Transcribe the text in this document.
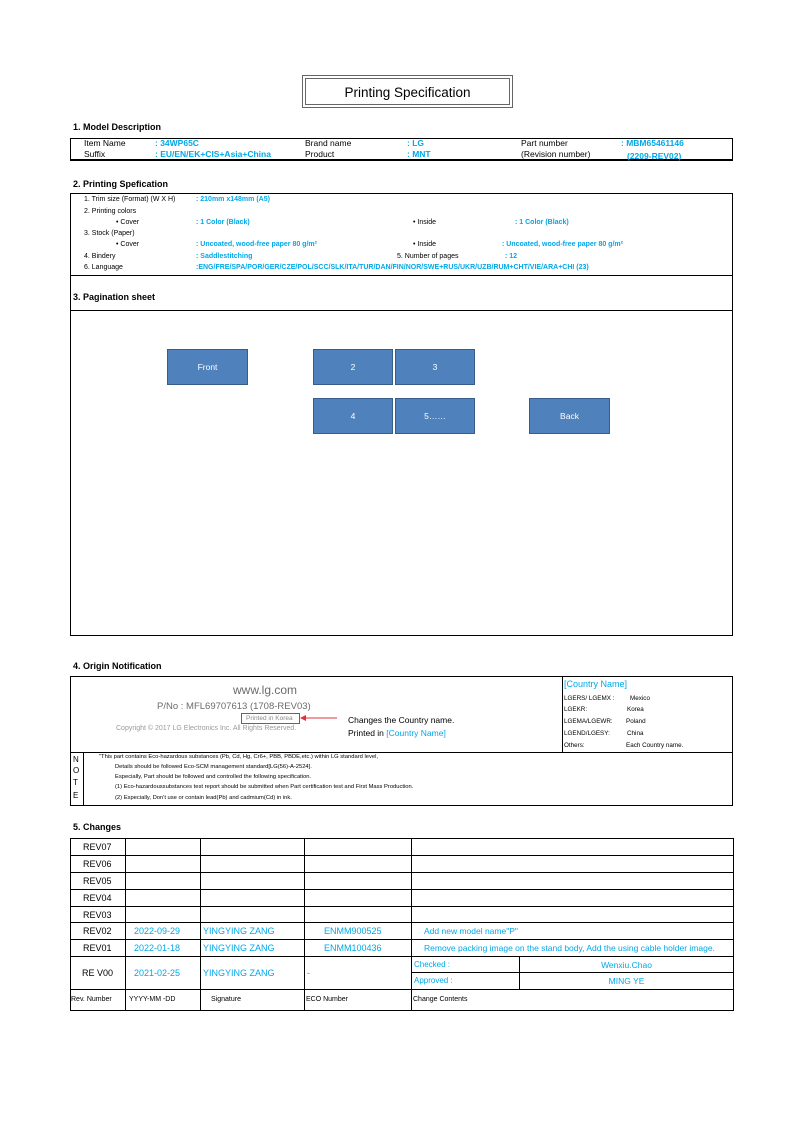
Printing Specification
1. Model Description
Item Name	: 34WP65C	Brand name	: LG	Part number	: MBM65461146
Suffix	: EU/EN/EK+CIS+Asia+China	Product	: MNT	(Revision number)	(2209-REV02)
2. Printing Spefication
1. Trim size (Format) (W X H)	: 210mm x148mm (A5)
2. Printing colors
• Cover	: 1 Color (Black)	• Inside	: 1 Color (Black)
3. Stock (Paper)
• Cover	: Uncoated, wood-free paper 80 g/m²	• Inside	: Uncoated, wood-free paper 80 g/m²
4. Bindery	: Saddlestitching	5. Number of pages	: 12
6. Language	:ENG/FRE/SPA/POR/GER/CZE/POL/SCC/SLK/ITA/TUR/DAN/FIN/NOR/SWE+RUS/UKR/UZB/RUM+CHT/VIE/ARA+CHI (23)
3. Pagination sheet
Front	2	3
4	5……	Back
4. Origin Notification
www.lg.com
P/No : MFL69707613 (1708-REV03)
Copyright © 2017 LG Electronics Inc. All Rights Reserved.
Printed in Korea	Changes the Country name.
Printed in [Country Name]
[Country Name]
LGERS/ LGEMX : Mexico
LGEKR:	Korea
LGEMA/LGEWR: Poland
LGEND/LGESY:	China
Others:	Each Country name.
N
O
T
E
"This part contains Eco-hazardous substances (Pb, Cd, Hg, Cr6+, PBB, PBDE,etc.) within LG standard level,
Details should be followed Eco-SCM management standard[LG(56)-A-2524].
Especially, Part should be followed and controlled the following specification.
(1) Eco-hazardoussubstances test report should be submitted when Part certification test and First Mass Production.
(2) Especially, Don't use or contain lead(Pb) and cadmium(Cd) in ink.
5. Changes
REV07					
REV06					
REV05					
REV04					
REV03					
REV02	2022-09-29	YINGYING ZANG	ENMM900525	Add new model name"P"	
REV01	2022-01-18	YINGYING ZANG	ENMM100436	Remove packing image on the stand body, Add the using cable holder image.	
RE V00	2021-02-25	YINGYING ZANG	-	Checked :	Wenxiu.Chao
				Approved :	MING YE
Rev. Number	YYYY-MM -DD	Signature	ECO Number	Change Contents	
